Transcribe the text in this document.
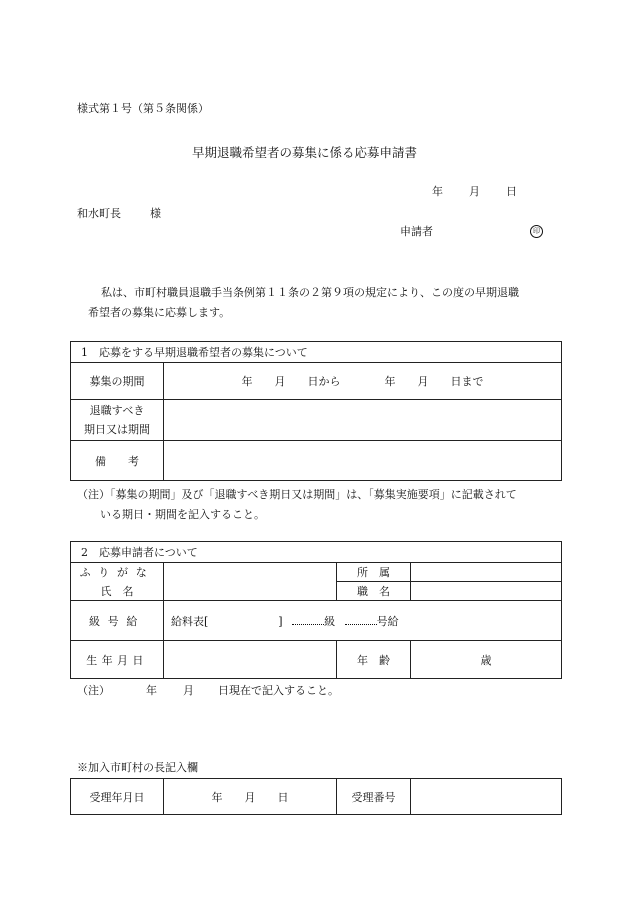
様式第１号（第５条関係）
早期退職希望者の募集に係る応募申請書
年 月 日
和水町長	様
申請者	印
私は、市町村職員退職手当条例第１１条の２第９項の規定により、この度の早期退職
希望者の募集に応募します。
1　応募をする早期退職希望者の募集について	
募集の期間	年　　月　　日から　　　　年　　月　　日まで

退職すべき
期日又は期間	

備　　考	
（注）「募集の期間」及び「退職すべき期日又は期間」は、「募集実施要項」に記載されて
いる期日・期間を記入すること。
2　応募申請者について			
ふりがな		所　属	
氏　名		職　名	
級号給	給料表[ ] 級 号給		
生年月日		年　齢	歳
（注）	年 月 日現在で記入すること。
※加入市町村の長記入欄
受理年月日	年　　月　　日	受理番号	
